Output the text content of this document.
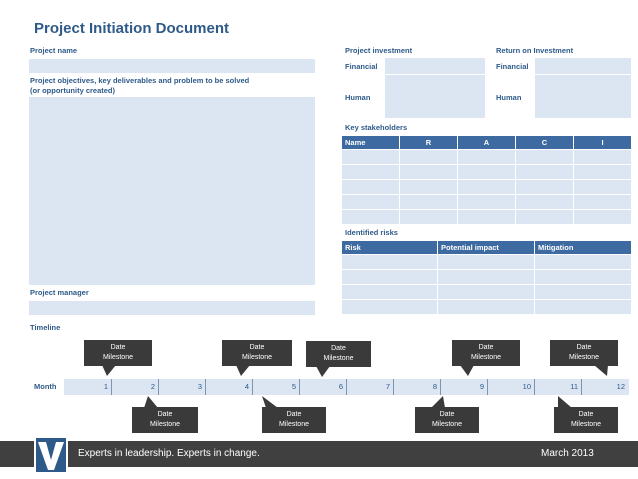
Project Initiation Document
Project name
Project objectives, key deliverables and problem to be solved
(or opportunity created)
Project manager
Timeline
Project investment	Return on Investment
Financial
Human
Financial
Human
Key stakeholders
Name	R	A	C	I

Identified risks
Risk	Potential impact	Mitigation

Month	1	2	3	4	5	6	7	8	9	10	11	12
Date
Milestone
Date
Milestone
Date
Milestone
Date
Milestone
Date
Milestone
Date
Milestone
Date
Milestone
Date
Milestone
Date
Milestone
Experts in leadership. Experts in change.	March 2013
